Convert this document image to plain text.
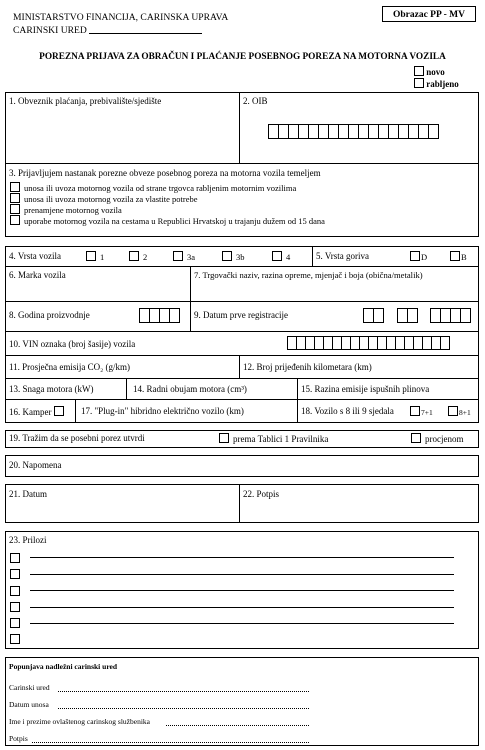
MINISTARSTVO FINANCIJA, CARINSKA UPRAVA
CARINSKI URED
Obrazac PP - MV
POREZNA PRIJAVA ZA OBRAČUN I PLAĆANJE POSEBNOG POREZA NA MOTORNA VOZILA
novo
rabljeno
1. Obveznik plaćanja, prebivalište/sjedište	2. OIB
3. Prijavljujem nastanak porezne obveze posebnog poreza na motorna vozila temeljem
unosa ili uvoza motornog vozila od strane trgovca rabljenim motornim vozilima
unosa ili uvoza motornog vozila za vlastite potrebe
prenamjene motornog vozila
uporabe motornog vozila na cestama u Republici Hrvatskoj u trajanju dužem od 15 dana
4. Vrsta vozila	1	2	3a	3b	4	5. Vrsta goriva	D	B
6. Marka vozila	7. Trgovački naziv, razina opreme, mjenjač i boja (obična/metalik)
8. Godina proizvodnje	9. Datum prve registracije
10. VIN oznaka (broj šasije) vozila
11. Prosječna emisija CO₂ (g/km)	12. Broj prijeđenih kilometara (km)
13. Snaga motora (kW)	14. Radni obujam motora (cm³)	15. Razina emisije ispušnih plinova
16. Kamper	17. "Plug-in" hibridno električno vozilo (km)	18. Vozilo s 8 ili 9 sjedala	7+1	8+1
19. Tražim da se posebni porez utvrdi	prema Tablici 1 Pravilnika	procjenom
20. Napomena
21. Datum	22. Potpis
23. Prilozi
Popunjava nadležni carinski ured
Carinski ured
Datum unosa
Ime i prezime ovlaštenog carinskog službenika
Potpis
